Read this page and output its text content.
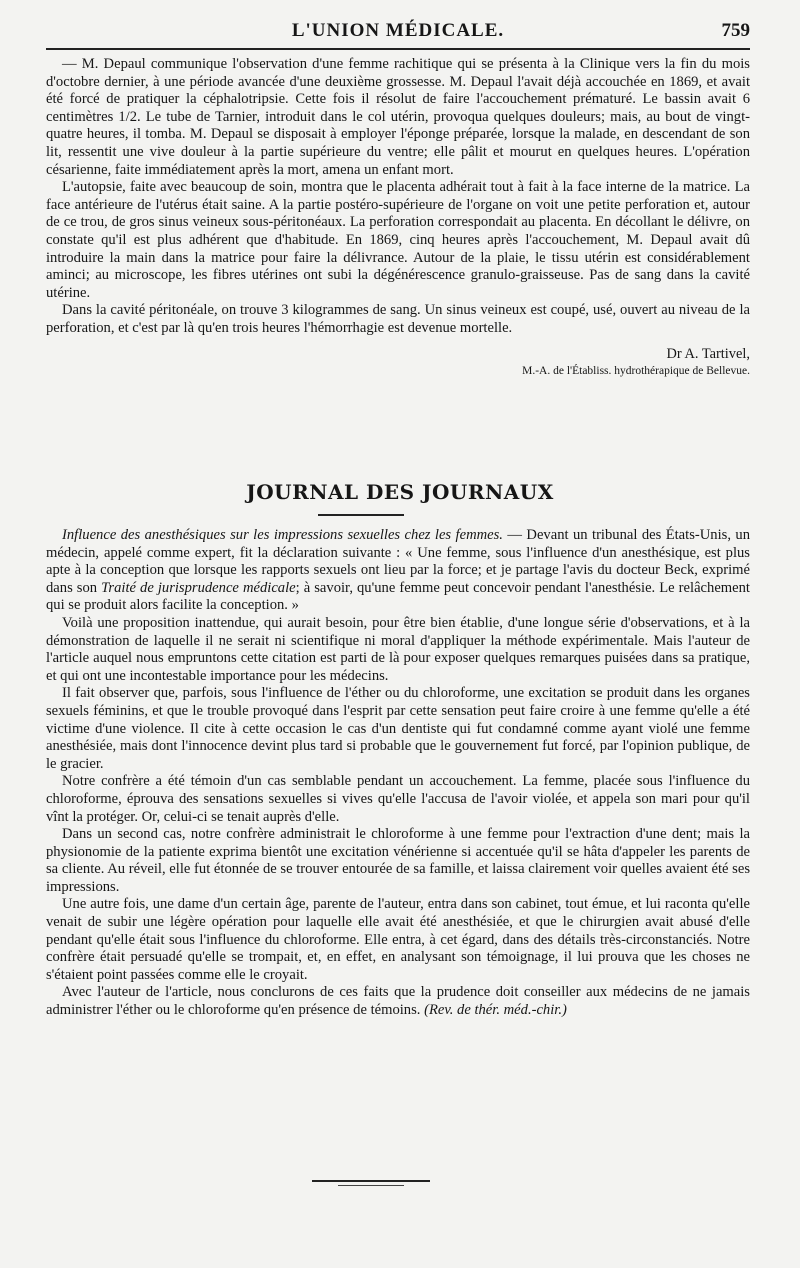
L'UNION MÉDICALE.	759

— M. Depaul communique l'observation d'une femme rachitique qui se présenta à la Clinique vers la fin du mois d'octobre dernier, à une période avancée d'une deuxième grossesse. M. Depaul l'avait déjà accouchée en 1869, et avait été forcé de pratiquer la céphalotripsie. Cette fois il résolut de faire l'accouchement prématuré. Le bassin avait 6 centimètres 1/2. Le tube de Tarnier, introduit dans le col utérin, provoqua quelques douleurs; mais, au bout de vingt-quatre heures, il tomba. M. Depaul se disposait à employer l'éponge préparée, lorsque la malade, en descendant de son lit, ressentit une vive douleur à la partie supérieure du ventre; elle pâlit et mourut en quelques heures. L'opération césarienne, faite immédiatement après la mort, amena un enfant mort.

L'autopsie, faite avec beaucoup de soin, montra que le placenta adhérait tout à fait à la face interne de la matrice. La face antérieure de l'utérus était saine. A la partie postéro-supérieure de l'organe on voit une petite perforation et, autour de ce trou, de gros sinus veineux sous-péritonéaux. La perforation correspondait au placenta. En décollant le délivre, on constate qu'il est plus adhérent que d'habitude. En 1869, cinq heures après l'accouchement, M. Depaul avait dû introduire la main dans la matrice pour faire la délivrance. Autour de la plaie, le tissu utérin est considérablement aminci; au microscope, les fibres utérines ont subi la dégénérescence granulo-graisseuse. Pas de sang dans la cavité utérine.

Dans la cavité péritonéale, on trouve 3 kilogrammes de sang. Un sinus veineux est coupé, usé, ouvert au niveau de la perforation, et c'est par là qu'en trois heures l'hémorrhagie est devenue mortelle.

Dr A. Tartivel,
M.-A. de l'Établiss. hydrothérapique de Bellevue.
JOURNAL DES JOURNAUX

Influence des anesthésiques sur les impressions sexuelles chez les femmes. — Devant un tribunal des États-Unis, un médecin, appelé comme expert, fit la déclaration suivante : « Une femme, sous l'influence d'un anesthésique, est plus apte à la conception que lorsque les rapports sexuels ont lieu par la force; et je partage l'avis du docteur Beck, exprimé dans son Traité de jurisprudence médicale; à savoir, qu'une femme peut concevoir pendant l'anesthésie. Le relâchement qui se produit alors facilite la conception. »

Voilà une proposition inattendue, qui aurait besoin, pour être bien établie, d'une longue série d'observations, et à la démonstration de laquelle il ne serait ni scientifique ni moral d'appliquer la méthode expérimentale. Mais l'auteur de l'article auquel nous empruntons cette citation est parti de là pour exposer quelques remarques puisées dans sa pratique, et qui ont une incontestable importance pour les médecins.

Il fait observer que, parfois, sous l'influence de l'éther ou du chloroforme, une excitation se produit dans les organes sexuels féminins, et que le trouble provoqué dans l'esprit par cette sensation peut faire croire à une femme qu'elle a été victime d'une violence. Il cite à cette occasion le cas d'un dentiste qui fut condamné comme ayant violé une femme anesthésiée, mais dont l'innocence devint plus tard si probable que le gouvernement fut forcé, par l'opinion publique, de le gracier.

Notre confrère a été témoin d'un cas semblable pendant un accouchement. La femme, placée sous l'influence du chloroforme, éprouva des sensations sexuelles si vives qu'elle l'accusa de l'avoir violée, et appela son mari pour qu'il vînt la protéger. Or, celui-ci se tenait auprès d'elle.

Dans un second cas, notre confrère administrait le chloroforme à une femme pour l'extraction d'une dent; mais la physionomie de la patiente exprima bientôt une excitation vénérienne si accentuée qu'il se hâta d'appeler les parents de sa cliente. Au réveil, elle fut étonnée de se trouver entourée de sa famille, et laissa clairement voir quelles avaient été ses impressions.

Une autre fois, une dame d'un certain âge, parente de l'auteur, entra dans son cabinet, tout émue, et lui raconta qu'elle venait de subir une légère opération pour laquelle elle avait été anesthésiée, et que le chirurgien avait abusé d'elle pendant qu'elle était sous l'influence du chloroforme. Elle entra, à cet égard, dans des détails très-circonstanciés. Notre confrère était persuadé qu'elle se trompait, et, en effet, en analysant son témoignage, il lui prouva que les choses ne s'étaient point passées comme elle le croyait.

Avec l'auteur de l'article, nous conclurons de ces faits que la prudence doit conseiller aux médecins de ne jamais administrer l'éther ou le chloroforme qu'en présence de témoins. (Rev. de thér. méd.-chir.)
